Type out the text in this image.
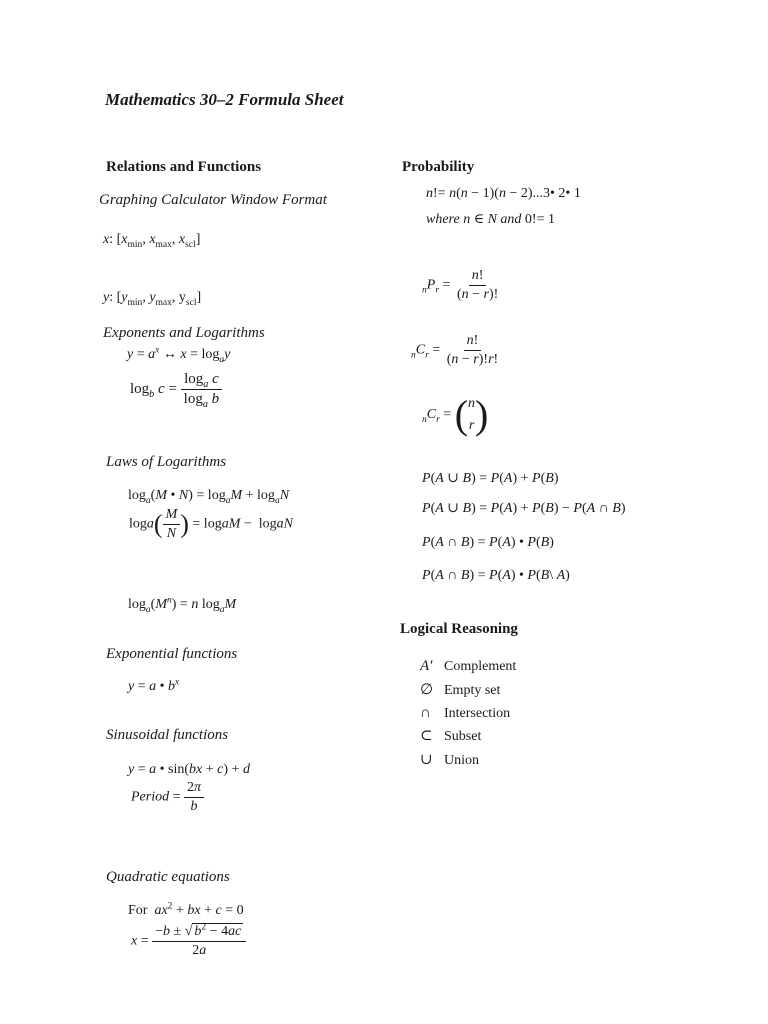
Mathematics 30–2 Formula Sheet
Relations and Functions
Graphing Calculator Window Format
x: [$x_{min}$, $x_{max}$, $x_{scl}$]
y: [$y_{min}$, $y_{max}$, $y_{scl}$]
Exponents and Logarithms
$y = a^x$ ↔ $x = \log_ay$
$\log_b c = \frac{\log_a c}{\log_a b}$
Laws of Logarithms
$\log_a(M$ • $N) = \log_aM + \log_aN$
$\log a( \frac{M}{N}$ ) = logaM −  logaN
$\log_a(M^n) = n$ $\log_aM$
Exponential functions
y = a • $b^x$
Sinusoidal functions
y = a • sin(bx + c) + d
Period = $\frac{2\pi}{b}$
Quadratic equations
For $ax^2$ + bx + c = 0
$x = \frac{-b \pm √ b^2 - 4ac}{2a}$
Probability
n!= n(n − 1)(n − 2)...3• 2• 1
where n ∈ N and 0!= 1
$_nP_r = \frac{n!}{(n - r)!}$
$_nC_r = \frac{n!}{(n - r)!r!}$
$_nC_r$ = ( n
r )
P(A ∪ B) = P(A) + P(B)
P(A ∪ B) = P(A) + P(B) − P(A ∩ B)
P(A ∩ B) = P(A) • P(B)
P(A ∩ B) = P(A) • P(B\ A)
Logical Reasoning
A′ Complement
∅ Empty set
∩ Intersection
⊂ Subset
∪ Union
